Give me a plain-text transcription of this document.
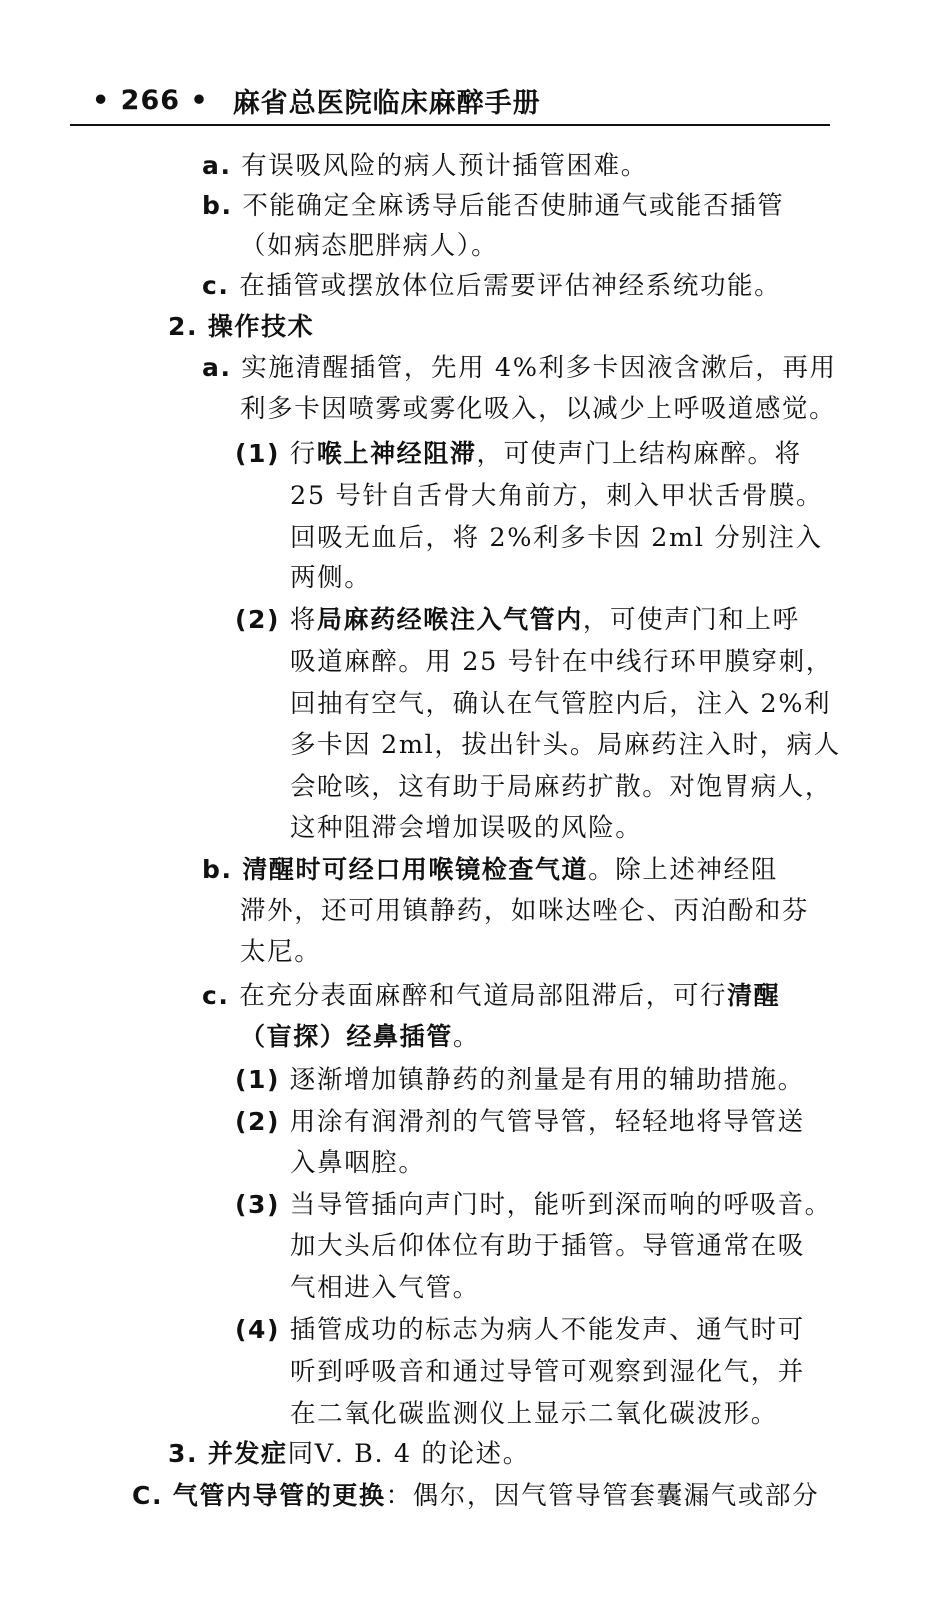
• 266 • 麻省总医院临床麻醉手册
a. 有误吸风险的病人预计插管困难。
b. 不能确定全麻诱导后能否使肺通气或能否插管
（如病态肥胖病人）。
c. 在插管或摆放体位后需要评估神经系统功能。
2. 操作技术
a. 实施清醒插管，先用 4%利多卡因液含漱后，再用
利多卡因喷雾或雾化吸入，以减少上呼吸道感觉。
(1) 行喉上神经阻滞，可使声门上结构麻醉。将
25 号针自舌骨大角前方，刺入甲状舌骨膜。
回吸无血后，将 2%利多卡因 2ml 分别注入
两侧。
(2) 将局麻药经喉注入气管内，可使声门和上呼
吸道麻醉。用 25 号针在中线行环甲膜穿刺，
回抽有空气，确认在气管腔内后，注入 2%利
多卡因 2ml，拔出针头。局麻药注入时，病人
会呛咳，这有助于局麻药扩散。对饱胃病人，
这种阻滞会增加误吸的风险。
b. 清醒时可经口用喉镜检查气道。除上述神经阻
滞外，还可用镇静药，如咪达唑仑、丙泊酚和芬
太尼。
c. 在充分表面麻醉和气道局部阻滞后，可行清醒
（盲探）经鼻插管。
(1) 逐渐增加镇静药的剂量是有用的辅助措施。
(2) 用涂有润滑剂的气管导管，轻轻地将导管送
入鼻咽腔。
(3) 当导管插向声门时，能听到深而响的呼吸音。
加大头后仰体位有助于插管。导管通常在吸
气相进入气管。
(4) 插管成功的标志为病人不能发声、通气时可
听到呼吸音和通过导管可观察到湿化气，并
在二氧化碳监测仪上显示二氧化碳波形。
3. 并发症同Ⅴ. B. 4 的论述。
C. 气管内导管的更换：偶尔，因气管导管套囊漏气或部分
